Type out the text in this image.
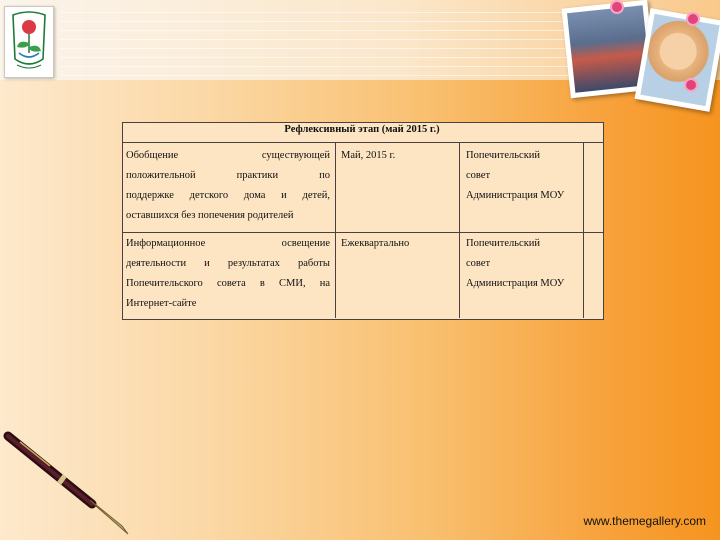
Рефлексивный этап (май 2015 г.)
Обобщение существующей
положительной практики по
поддержке детского дома и детей,
оставшихся без попечения родителей
Май, 2015 г.	Попечительский
совет
Администрация МОУ
Информационное освещение
деятельности и результатах работы
Попечительского совета в СМИ, на
Интернет-сайте
Ежеквартально	Попечительский
совет
Администрация МОУ
www.themegallery.com
